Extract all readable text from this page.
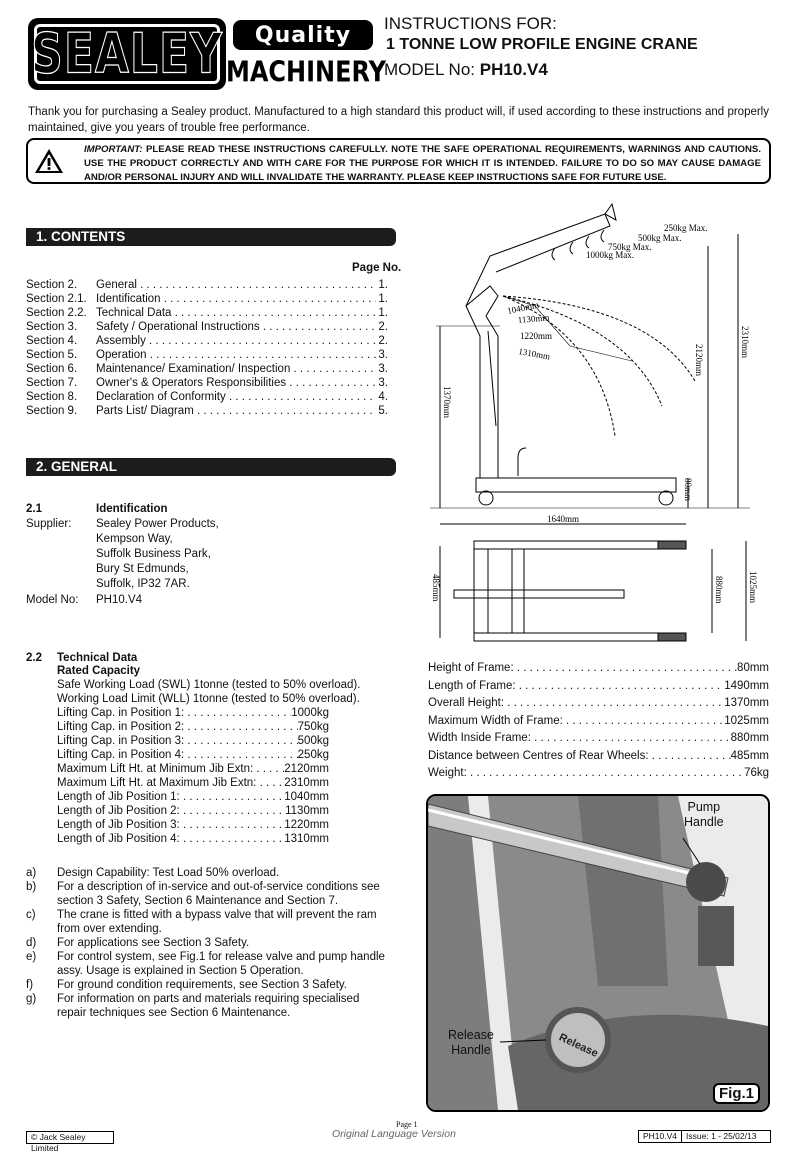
SEALEY	Quality
MACHINERY
INSTRUCTIONS FOR:
1 TONNE LOW PROFILE ENGINE CRANE
MODEL No: PH10.V4
Thank you for purchasing a Sealey product. Manufactured to a high standard this product will, if used according to these instructions and properly maintained, give you years of trouble free performance.
IMPORTANT: PLEASE READ THESE INSTRUCTIONS CAREFULLY. NOTE THE SAFE OPERATIONAL REQUIREMENTS, WARNINGS AND CAUTIONS. USE THE PRODUCT CORRECTLY AND WITH CARE FOR THE PURPOSE FOR WHICH IT IS INTENDED. FAILURE TO DO SO MAY CAUSE DAMAGE AND/OR PERSONAL INJURY AND WILL INVALIDATE THE WARRANTY. PLEASE KEEP INSTRUCTIONS SAFE FOR FUTURE USE.
1. CONTENTS
Page No.
Section 2.	General . . .	1.
Section 2.1. Identification . . .	1.
Section 2.2. Technical Data . . .	1.
Section 3.	Safety / Operational Instructions . . .	2.
Section 4.	Assembly . . .	2.
Section 5.	Operation . . .	3.
Section 6.	Maintenance/ Examination/ Inspection . . .	3.
Section 7.	Owner's & Operators Responsibilities . . .	3.
Section 8.	Declaration of Conformity . . .	4.
Section 9.	Parts List/ Diagram . . .	5.
2. GENERAL
2.1	Identification
Supplier: Sealey Power Products,
Kempson Way,
Suffolk Business Park,
Bury St Edmunds,
Suffolk, IP32 7AR.
Model No: PH10.V4
2.2 Technical Data
Rated Capacity
Safe Working Load (SWL) 1tonne (tested to 50% overload).
Working Load Limit (WLL) 1tonne (tested to 50% overload).
Lifting Cap. in Position 1: . . .	1000kg
Lifting Cap. in Position 2: . . .	750kg
Lifting Cap. in Position 3: . . .	500kg
Lifting Cap. in Position 4: . . .	250kg
Maximum Lift Ht. at Minimum Jib Extn: . . .	2120mm
Maximum Lift Ht. at Maximum Jib Extn: . . .	2310mm
Length of Jib Position 1: . . .	1040mm
Length of Jib Position 2: . . .	1130mm
Length of Jib Position 3: . . .	1220mm
Length of Jib Position 4: . . .	1310mm
a)	Design Capability: Test Load 50% overload.
b)	For a description of in-service and out-of-service conditions see section 3 Safety, Section 6 Maintenance and Section 7.
c)	The crane is fitted with a bypass valve that will prevent the ram from over extending.
d)	For applications see Section 3 Safety.
e)	For control system, see Fig.1 for release valve and pump handle assy. Usage is explained in Section 5 Operation.
f)	For ground condition requirements, see Section 3 Safety.
g)	For information on parts and materials requiring specialised repair techniques see Section 6 Maintenance.
Height of Frame: . . .	80mm
Length of Frame: . . .	1490mm
Overall Height: . . .	1370mm
Maximum Width of Frame: . . .	1025mm
Width Inside Frame: . . .	880mm
Distance between Centres of Rear Wheels: . . .	485mm
Weight: . . .	76kg
250kg Max.
500kg Max.
750kg Max.
1000kg Max.
1040mm
1130mm
1220mm
1310mm
1370mm
2120mm
2310mm
80mm
1640mm
485mm	880mm	1025mm
Release
Pump
Handle
Release
Handle
Fig.1
© Jack Sealey Limited
Page 1
Original Language Version	PH10.V4	Issue: 1 - 25/02/13
